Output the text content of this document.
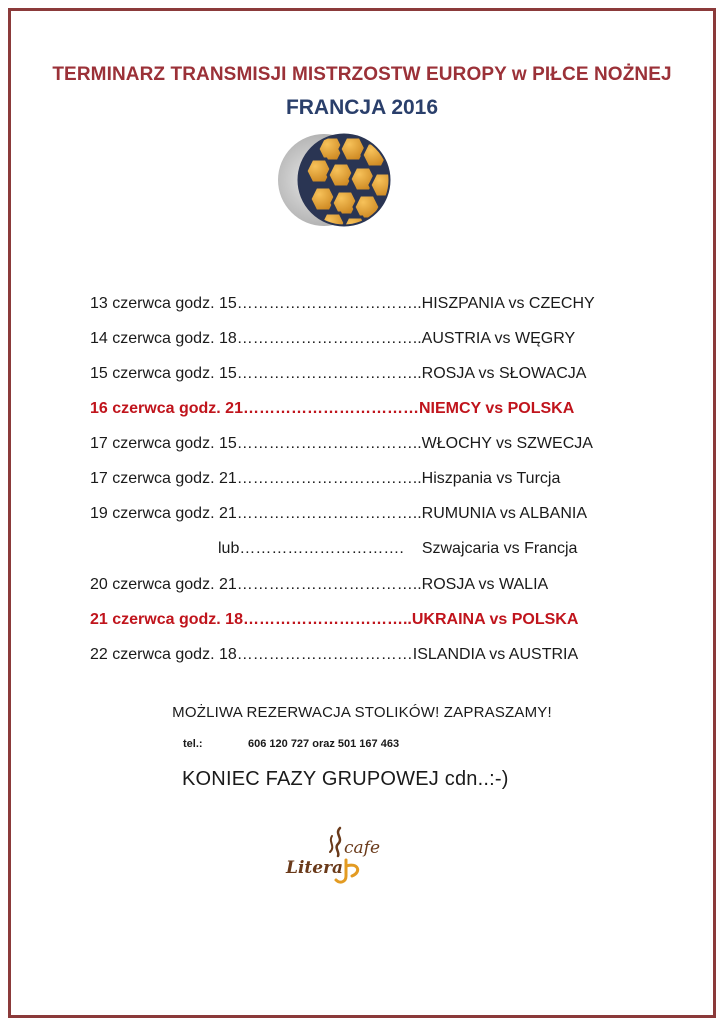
TERMINARZ TRANSMISJI MISTRZOSTW EUROPY w PIŁCE NOŻNEJ
FRANCJA 2016
13 czerwca godz. 15……………………………..HISZPANIA vs CZECHY
14 czerwca godz. 18……………………………..AUSTRIA vs WĘGRY
15 czerwca godz. 15……………………………..ROSJA vs SŁOWACJA
16 czerwca godz. 21……………………………NIEMCY vs POLSKA
17 czerwca godz. 15……………………………..WŁOCHY vs SZWECJA
17 czerwca godz. 21……………………………..Hiszpania vs Turcja
19 czerwca godz. 21……………………………..RUMUNIA vs ALBANIA
lub………………………….Szwajcaria vs Francja
20 czerwca godz. 21……………………………..ROSJA vs WALIA
21 czerwca godz. 18…………………………..UKRAINA vs POLSKA
22 czerwca godz. 18……………………………ISLANDIA vs AUSTRIA
MOŻLIWA REZERWACJA STOLIKÓW! ZAPRASZAMY!
tel.:	606 120 727 oraz 501 167 463
KONIEC FAZY GRUPOWEJ cdn..:-)
Litera
cafe
